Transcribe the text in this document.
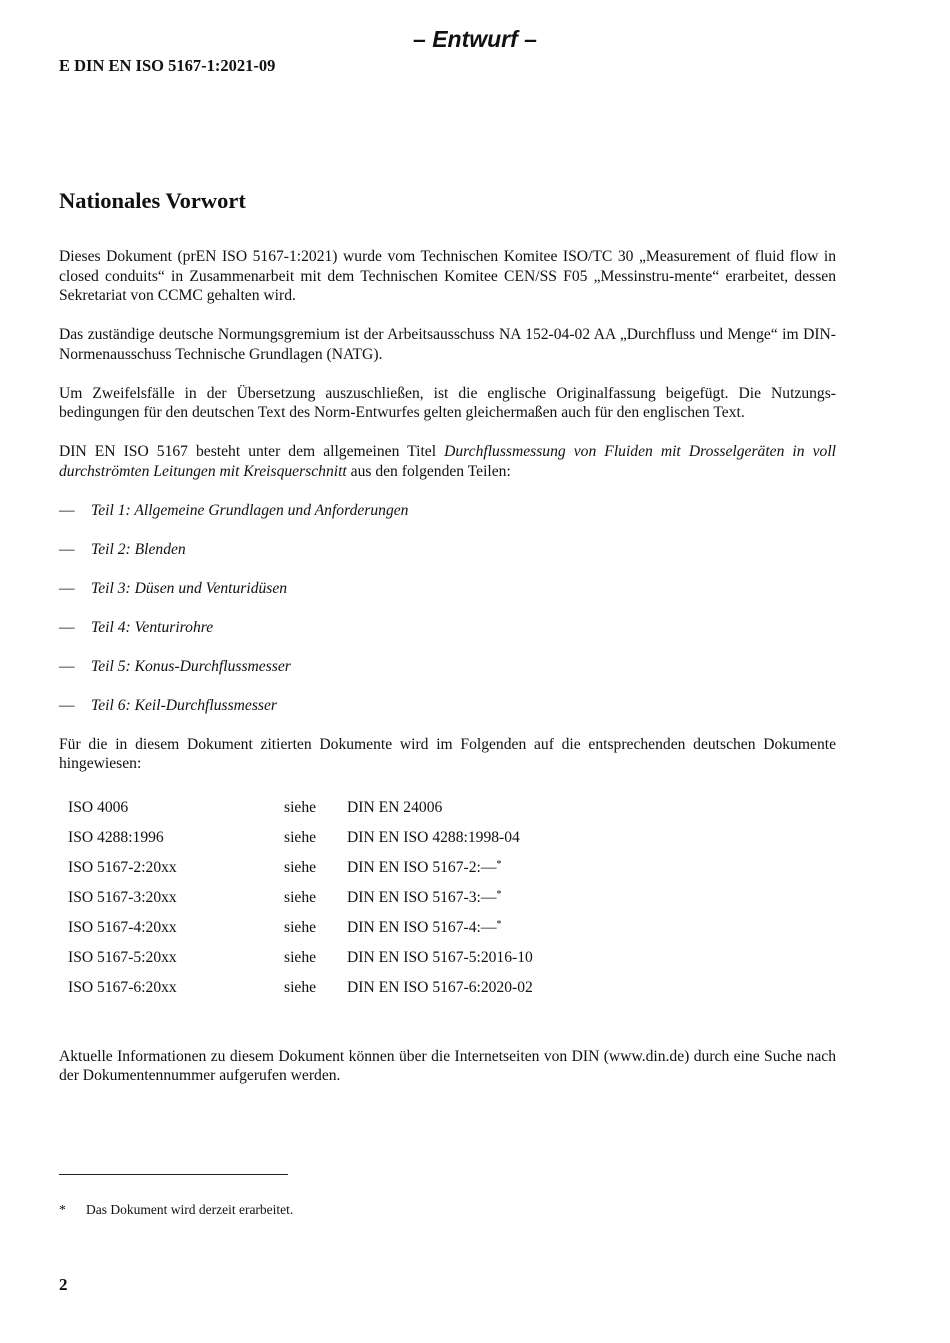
– Entwurf –
E DIN EN ISO 5167-1:2021-09
Nationales Vorwort

Dieses Dokument (prEN ISO 5167-1:2021) wurde vom Technischen Komitee ISO/TC 30 „Measurement of fluid flow in closed conduits“ in Zusammenarbeit mit dem Technischen Komitee CEN/SS F05 „Messinstru-mente“ erarbeitet, dessen Sekretariat von CCMC gehalten wird.

Das zuständige deutsche Normungsgremium ist der Arbeitsausschuss NA 152-04-02 AA „Durchfluss und Menge“ im DIN-Normenausschuss Technische Grundlagen (NATG).

Um Zweifelsfälle in der Übersetzung auszuschließen, ist die englische Originalfassung beigefügt. Die Nutzungs-bedingungen für den deutschen Text des Norm-Entwurfes gelten gleichermaßen auch für den englischen Text.

DIN EN ISO 5167 besteht unter dem allgemeinen Titel Durchflussmessung von Fluiden mit Drosselgeräten in voll durchströmten Leitungen mit Kreisquerschnitt aus den folgenden Teilen:

—	Teil 1: Allgemeine Grundlagen und Anforderungen
—	Teil 2: Blenden
—	Teil 3: Düsen und Venturidüsen
—	Teil 4: Venturirohre
—	Teil 5: Konus-Durchflussmesser
—	Teil 6: Keil-Durchflussmesser

Für die in diesem Dokument zitierten Dokumente wird im Folgenden auf die entsprechenden deutschen Dokumente hingewiesen:

ISO 4006	siehe	DIN EN 24006
ISO 4288:1996	siehe	DIN EN ISO 4288:1998-04
ISO 5167-2:20xx	siehe	DIN EN ISO 5167-2:—*
ISO 5167-3:20xx	siehe	DIN EN ISO 5167-3:—*
ISO 5167-4:20xx	siehe	DIN EN ISO 5167-4:—*
ISO 5167-5:20xx	siehe	DIN EN ISO 5167-5:2016-10
ISO 5167-6:20xx	siehe	DIN EN ISO 5167-6:2020-02

Aktuelle Informationen zu diesem Dokument können über die Internetseiten von DIN (www.din.de) durch eine Suche nach der Dokumentennummer aufgerufen werden.

*	Das Dokument wird derzeit erarbeitet.
2
